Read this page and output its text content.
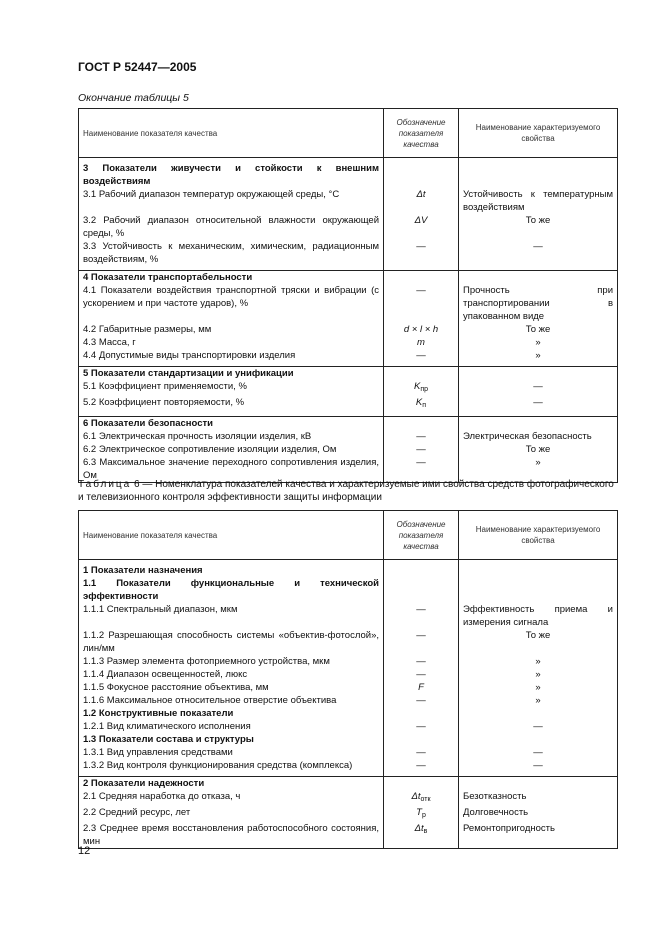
ГОСТ Р 52447—2005
Окончание таблицы 5
Наименование показателя качества	Обозначение показателя качества	Наименование характеризуемого свойства

3 Показатели живучести и стойкости к внешним воздействиям		
3.1 Рабочий диапазон температур окружающей среды, °С	Δt	Устойчивость к температурным воздействиям
3.2 Рабочий диапазон относительной влажности окружающей среды, %	ΔV	То же
3.3 Устойчивость к механическим, химическим, радиационным воздействиям, %	—	—

4 Показатели транспортабельности		
4.1 Показатели воздействия транспортной тряски и вибрации (с ускорением и при частоте ударов), %	—	Прочность при транспортировании в упакованном виде
4.2 Габаритные размеры, мм	d × l × h	То же
4.3 Масса, г	m	»
4.4 Допустимые виды транспортировки изделия	—	»

5 Показатели стандартизации и унификации		
5.1 Коэффициент применяемости, %	$K_{пр}$	—
5.2 Коэффициент повторяемости, %	$K_п$	—

6 Показатели безопасности		
6.1 Электрическая прочность изоляции изделия, кВ	—	Электрическая безопасность
6.2 Электрическое сопротивление изоляции изделия, Ом	—	То же
6.3 Максимальное значение переходного сопротивления изделия, Ом	—	»
Таблица 6 — Номенклатура показателей качества и характеризуемые ими свойства средств фотографического и телевизионного контроля эффективности защиты информации
Наименование показателя качества	Обозначение показателя качества	Наименование характеризуемого свойства

1 Показатели назначения		
1.1 Показатели функциональные и технической эффективности		
1.1.1 Спектральный диапазон, мкм	—	Эффективность приема и измерения сигнала
1.1.2 Разрешающая способность системы «объектив-фотослой», лин/мм	—	То же
1.1.3 Размер элемента фотоприемного устройства, мкм	—	»
1.1.4 Диапазон освещенностей, люкс	—	»
1.1.5 Фокусное расстояние объектива, мм	F	»
1.1.6 Максимальное относительное отверстие объектива	—	»
1.2 Конструктивные показатели		
1.2.1 Вид климатического исполнения	—	—
1.3 Показатели состава и структуры		
1.3.1 Вид управления средствами	—	—
1.3.2 Вид контроля функционирования средства (комплекса)	—	—

2 Показатели надежности		
2.1 Средняя наработка до отказа, ч	$\Delta t_{отк}$	Безотказность
2.2 Средний ресурс, лет	$T_р$	Долговечность
2.3 Среднее время восстановления работоспособного состояния, мин	$\Delta t_в$	Ремонтопригодность
12
